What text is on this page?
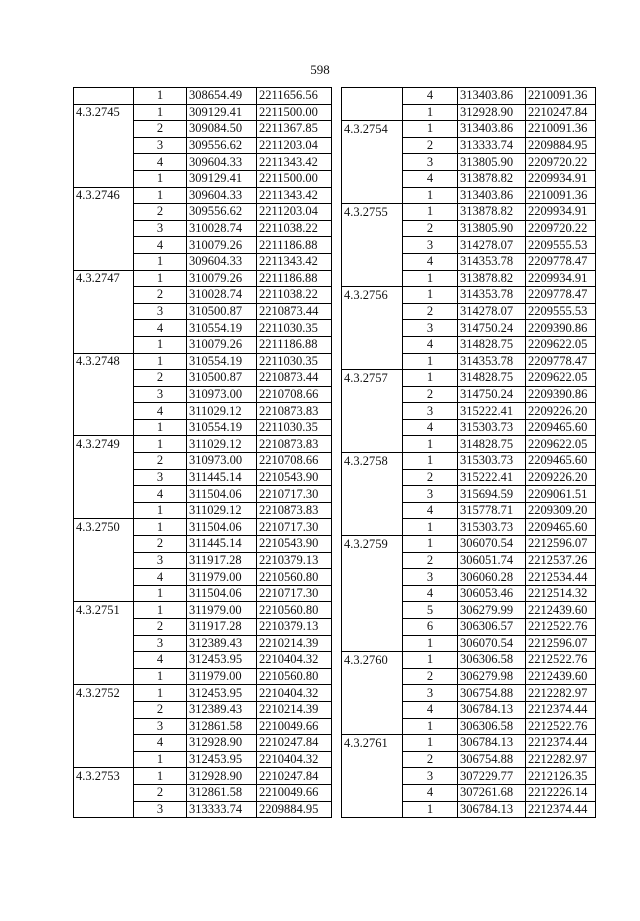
598
	1	308654.49	2211656.56
4.3.2745	1	309129.41	2211500.00
	2	309084.50	2211367.85
	3	309556.62	2211203.04
	4	309604.33	2211343.42
	1	309129.41	2211500.00
4.3.2746	1	309604.33	2211343.42
	2	309556.62	2211203.04
	3	310028.74	2211038.22
	4	310079.26	2211186.88
	1	309604.33	2211343.42
4.3.2747	1	310079.26	2211186.88
	2	310028.74	2211038.22
	3	310500.87	2210873.44
	4	310554.19	2211030.35
	1	310079.26	2211186.88
4.3.2748	1	310554.19	2211030.35
	2	310500.87	2210873.44
	3	310973.00	2210708.66
	4	311029.12	2210873.83
	1	310554.19	2211030.35
4.3.2749	1	311029.12	2210873.83
	2	310973.00	2210708.66
	3	311445.14	2210543.90
	4	311504.06	2210717.30
	1	311029.12	2210873.83
4.3.2750	1	311504.06	2210717.30
	2	311445.14	2210543.90
	3	311917.28	2210379.13
	4	311979.00	2210560.80
	1	311504.06	2210717.30
4.3.2751	1	311979.00	2210560.80
	2	311917.28	2210379.13
	3	312389.43	2210214.39
	4	312453.95	2210404.32
	1	311979.00	2210560.80
4.3.2752	1	312453.95	2210404.32
	2	312389.43	2210214.39
	3	312861.58	2210049.66
	4	312928.90	2210247.84
	1	312453.95	2210404.32
4.3.2753	1	312928.90	2210247.84
	2	312861.58	2210049.66
	3	313333.74	2209884.95
	4	313403.86	2210091.36
	1	312928.90	2210247.84
4.3.2754	1	313403.86	2210091.36
	2	313333.74	2209884.95
	3	313805.90	2209720.22
	4	313878.82	2209934.91
	1	313403.86	2210091.36
4.3.2755	1	313878.82	2209934.91
	2	313805.90	2209720.22
	3	314278.07	2209555.53
	4	314353.78	2209778.47
	1	313878.82	2209934.91
4.3.2756	1	314353.78	2209778.47
	2	314278.07	2209555.53
	3	314750.24	2209390.86
	4	314828.75	2209622.05
	1	314353.78	2209778.47
4.3.2757	1	314828.75	2209622.05
	2	314750.24	2209390.86
	3	315222.41	2209226.20
	4	315303.73	2209465.60
	1	314828.75	2209622.05
4.3.2758	1	315303.73	2209465.60
	2	315222.41	2209226.20
	3	315694.59	2209061.51
	4	315778.71	2209309.20
	1	315303.73	2209465.60
4.3.2759	1	306070.54	2212596.07
	2	306051.74	2212537.26
	3	306060.28	2212534.44
	4	306053.46	2212514.32
	5	306279.99	2212439.60
	6	306306.57	2212522.76
	1	306070.54	2212596.07
4.3.2760	1	306306.58	2212522.76
	2	306279.98	2212439.60
	3	306754.88	2212282.97
	4	306784.13	2212374.44
	1	306306.58	2212522.76
4.3.2761	1	306784.13	2212374.44
	2	306754.88	2212282.97
	3	307229.77	2212126.35
	4	307261.68	2212226.14
	1	306784.13	2212374.44
